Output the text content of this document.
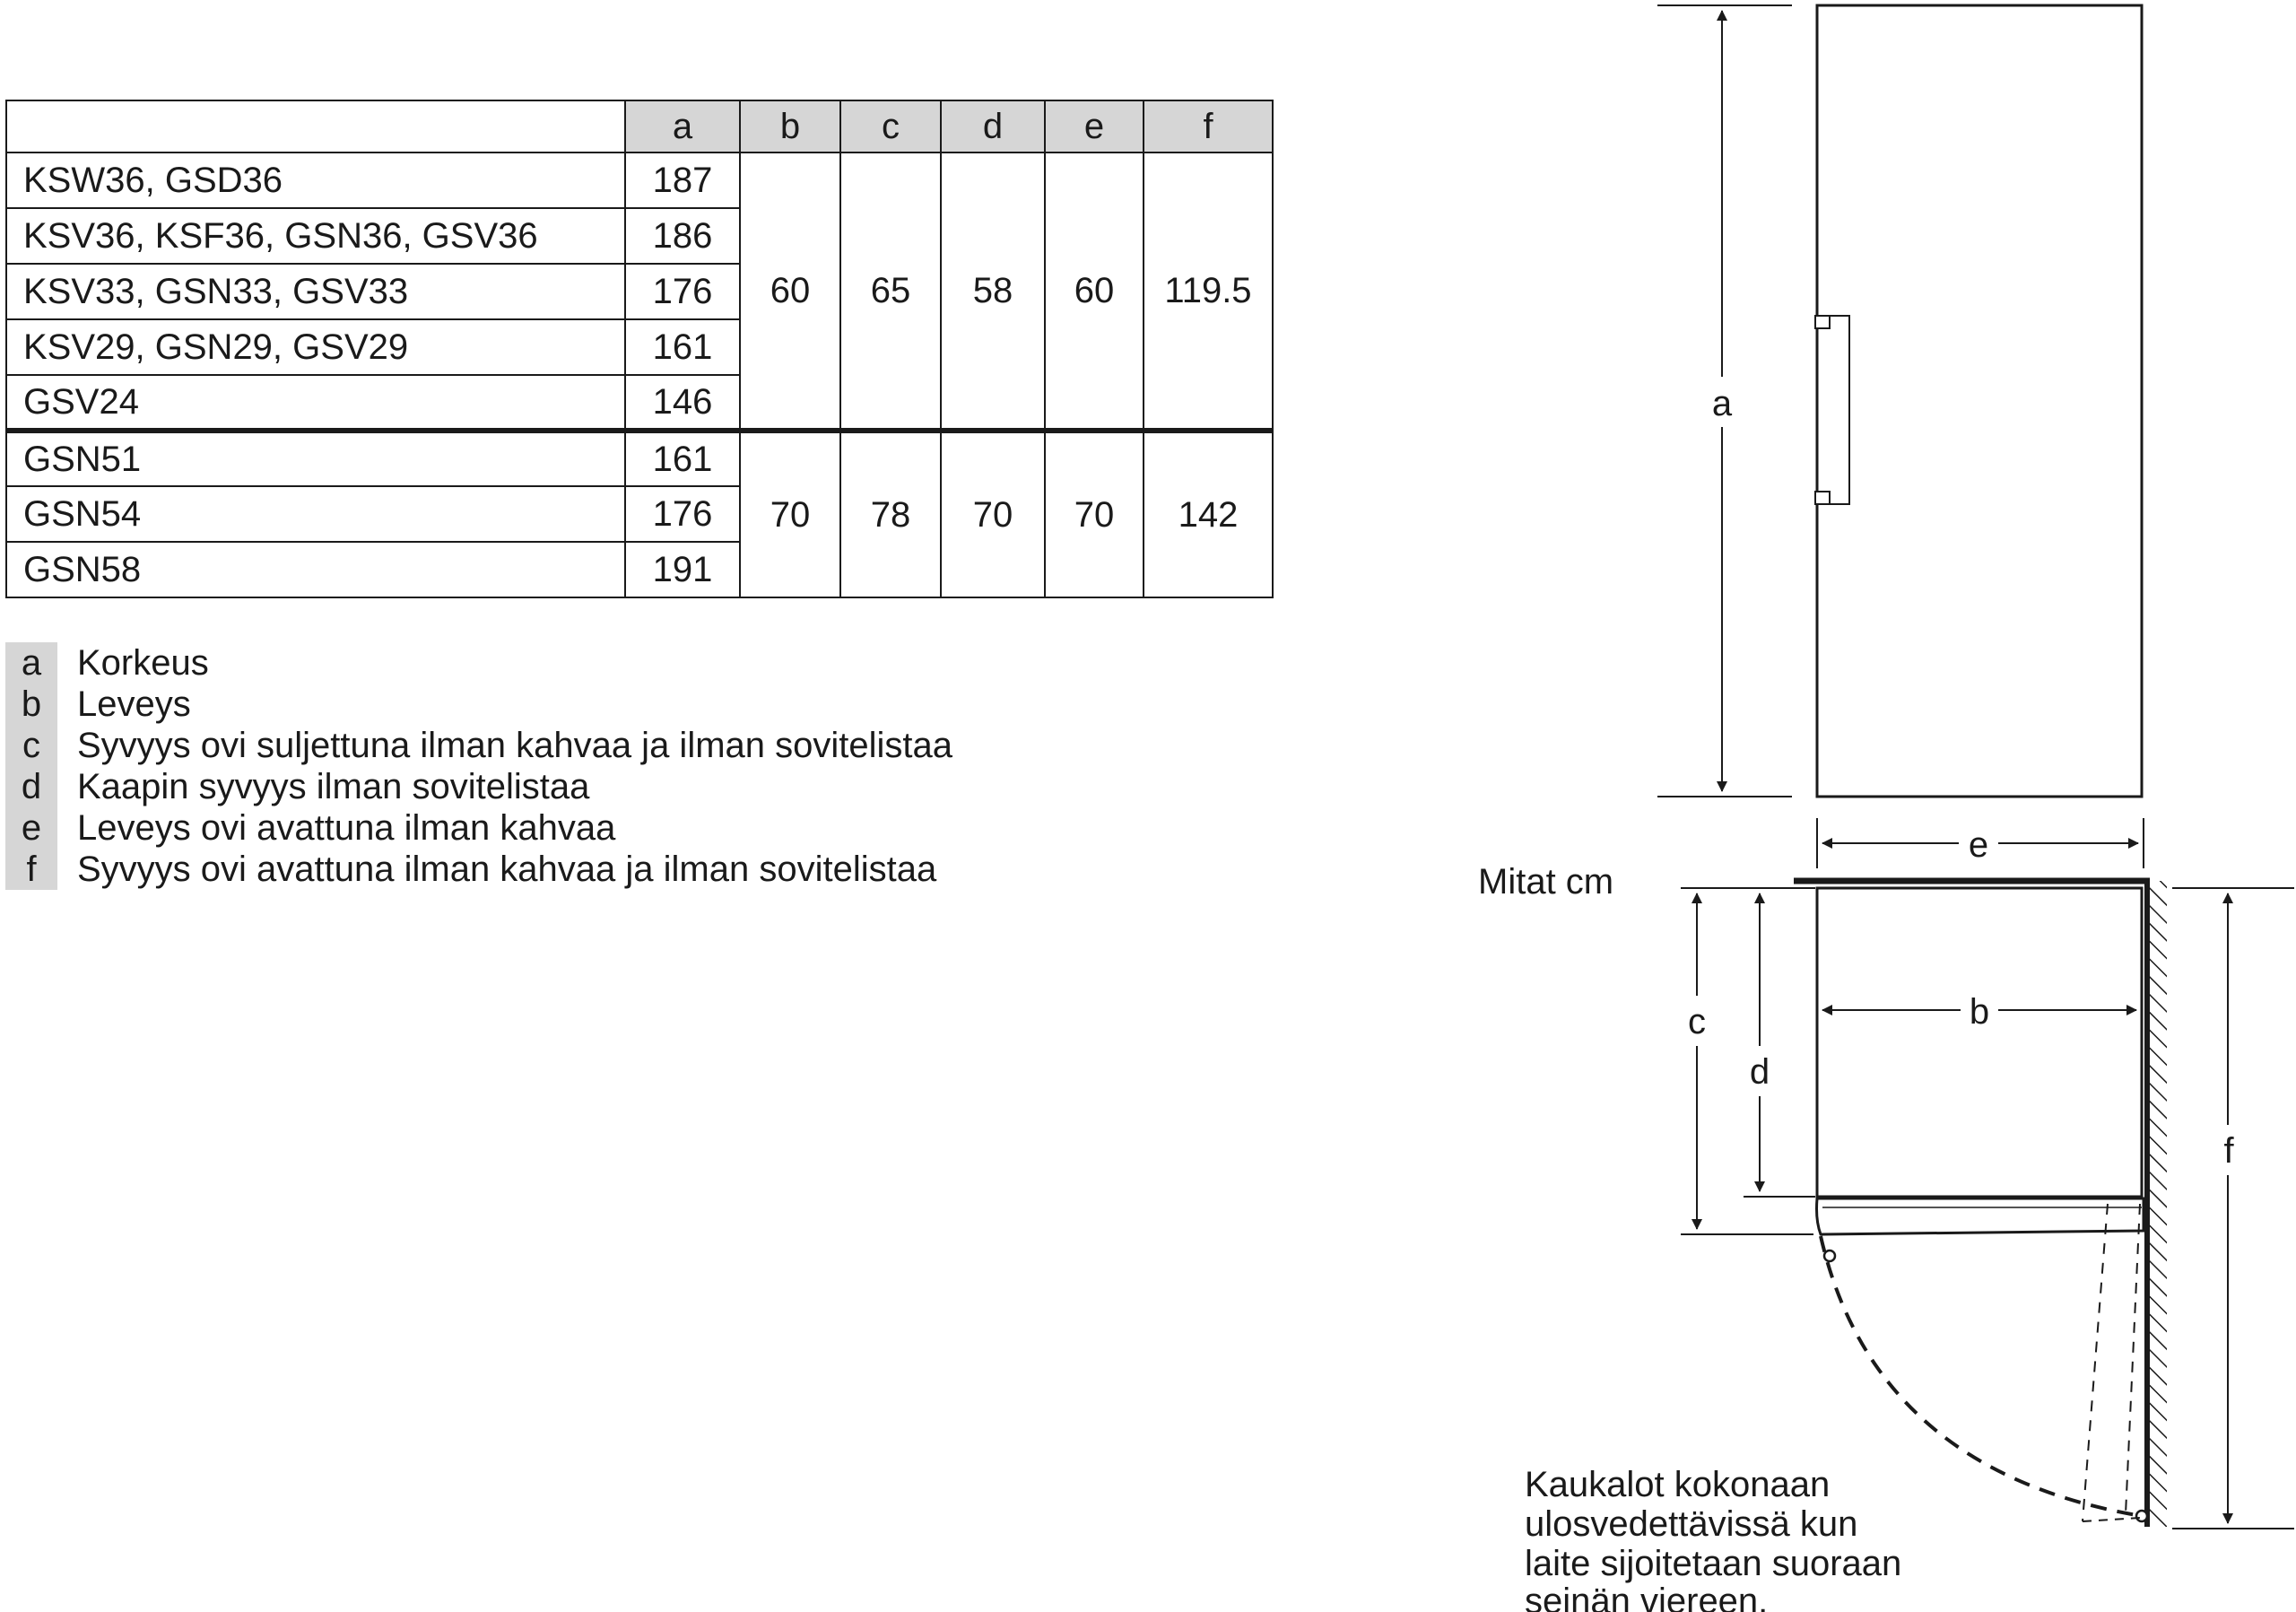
	a	b	c	d	e	f
KSW36, GSD36	187	60	65	58	60	119.5
KSV36, KSF36, GSN36, GSV36	186					
KSV33, GSN33, GSV33	176					
KSV29, GSN29, GSV29	161					
GSV24	146					
GSN51	161	70	78	70	70	142
GSN54	176					
GSN58	191					
a Korkeus
b Leveys
c	Syvyys ovi suljettuna ilman kahvaa ja ilman sovitelistaa
d Kaapin syvyys ilman sovitelistaa
e Leveys ovi avattuna ilman kahvaa
f	Syvyys ovi avattuna ilman kahvaa ja ilman sovitelistaa
a
e
Mitat cm
f
c
d
b
Kaukalot kokonaan
ulosvedettävissä kun
laite sijoitetaan suoraan
seinän viereen.
